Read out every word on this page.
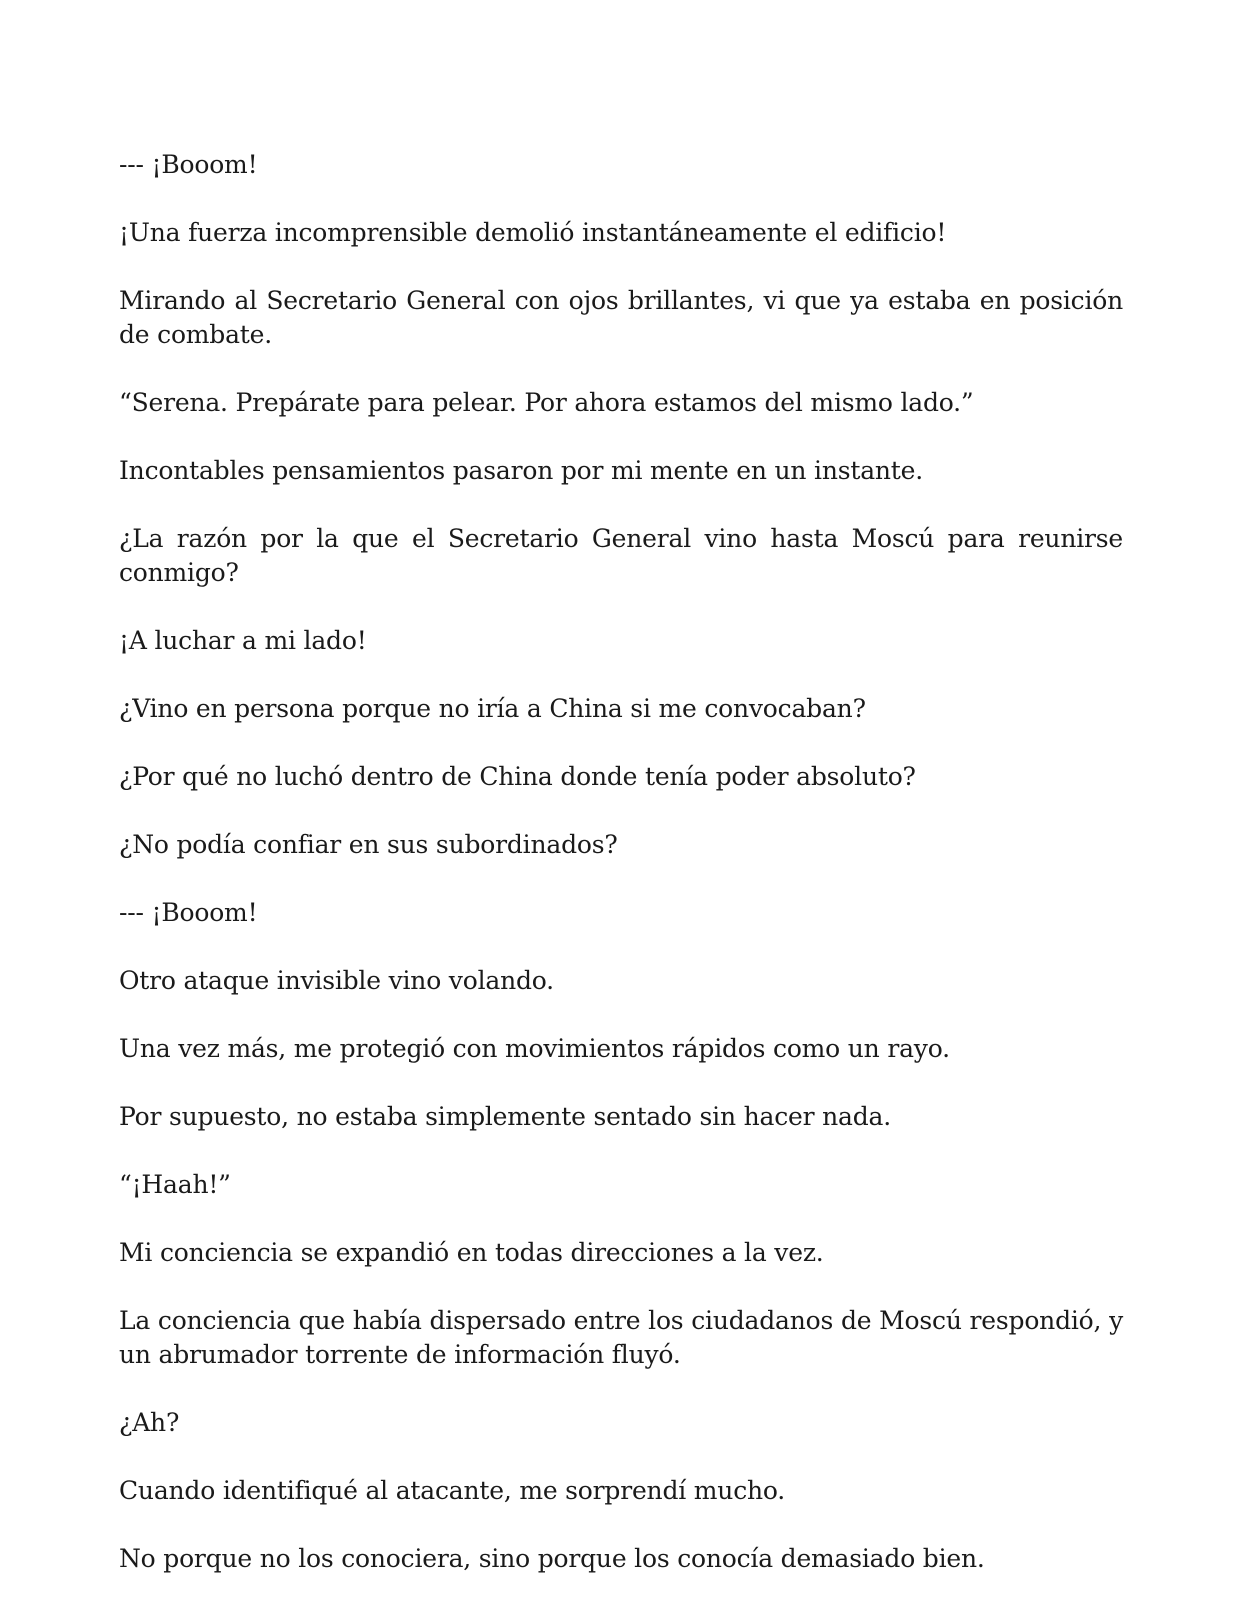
--- ¡Booom!

¡Una fuerza incomprensible demolió instantáneamente el edificio!

Mirando al Secretario General con ojos brillantes, vi que ya estaba en posición de combate.

“Serena. Prepárate para pelear. Por ahora estamos del mismo lado.”

Incontables pensamientos pasaron por mi mente en un instante.

¿La razón por la que el Secretario General vino hasta Moscú para reunirse conmigo?

¡A luchar a mi lado!

¿Vino en persona porque no iría a China si me convocaban?

¿Por qué no luchó dentro de China donde tenía poder absoluto?

¿No podía confiar en sus subordinados?

--- ¡Booom!

Otro ataque invisible vino volando.

Una vez más, me protegió con movimientos rápidos como un rayo.

Por supuesto, no estaba simplemente sentado sin hacer nada.

“¡Haah!”

Mi conciencia se expandió en todas direcciones a la vez.

La conciencia que había dispersado entre los ciudadanos de Moscú respondió, y un abrumador torrente de información fluyó.

¿Ah?

Cuando identifiqué al atacante, me sorprendí mucho.

No porque no los conociera, sino porque los conocía demasiado bien.
